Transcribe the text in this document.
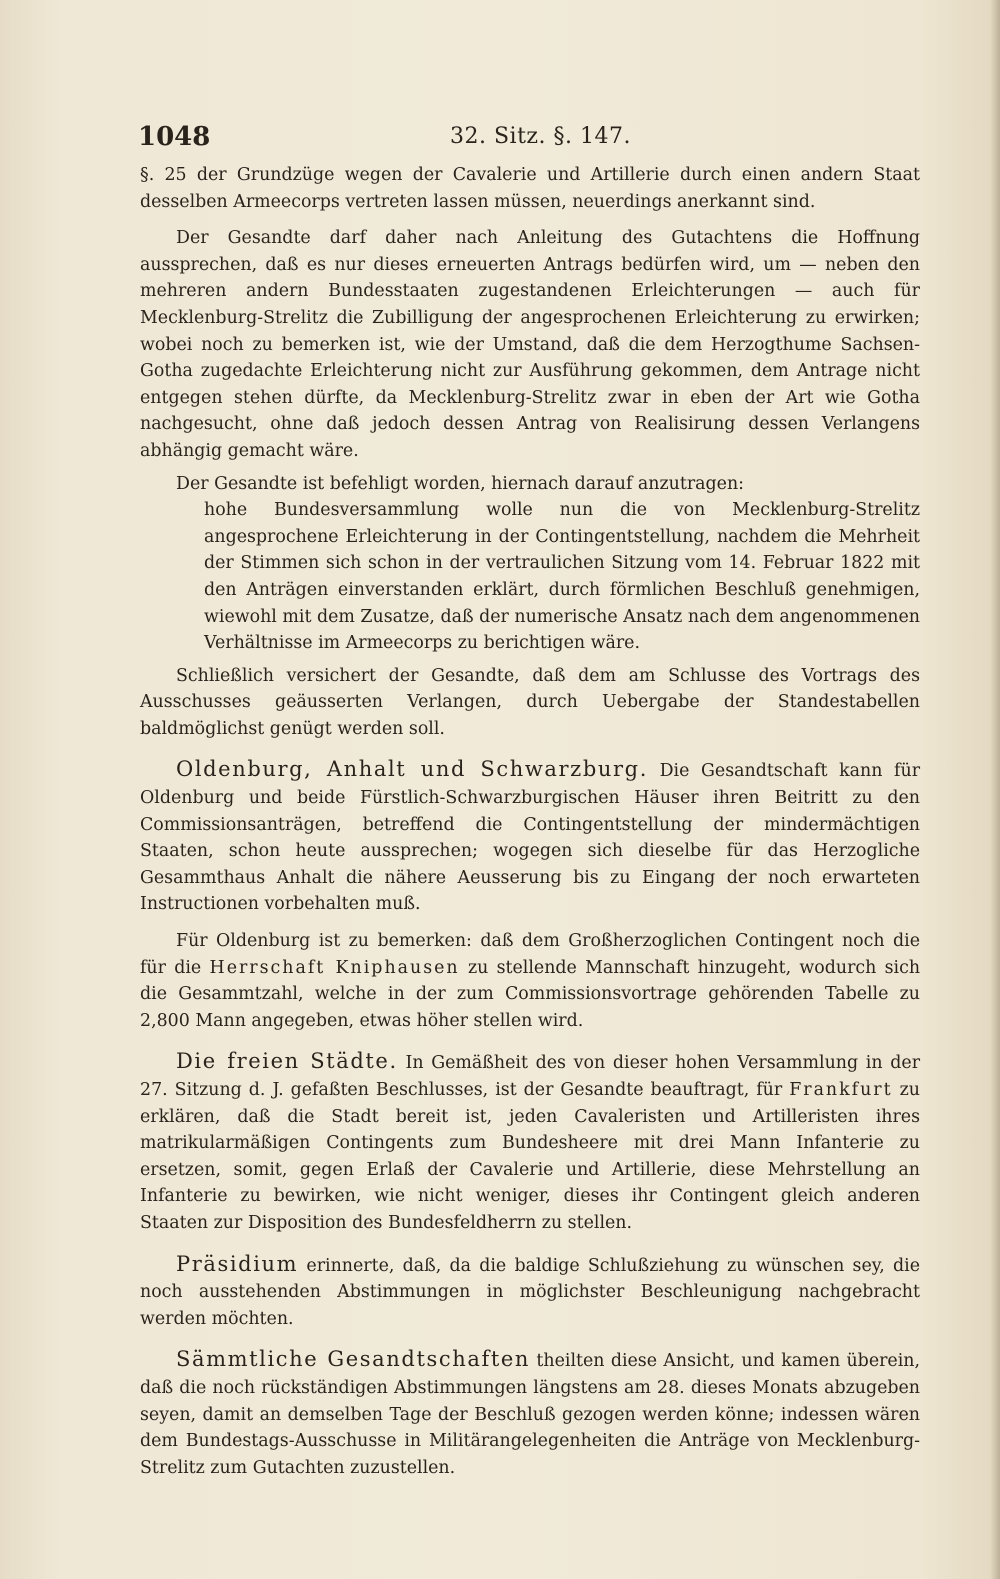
1048	32. Sitz. §. 147.

§. 25 der Grundzüge wegen der Cavalerie und Artillerie durch einen andern Staat desselben Armeecorps vertreten lassen müssen, neuerdings anerkannt sind.

Der Gesandte darf daher nach Anleitung des Gutachtens die Hoffnung aussprechen, daß es nur dieses erneuerten Antrags bedürfen wird, um — neben den mehreren andern Bundesstaaten zugestandenen Erleichterungen — auch für Mecklenburg-Strelitz die Zubilligung der angesprochenen Erleichterung zu erwirken; wobei noch zu bemerken ist, wie der Umstand, daß die dem Herzogthume Sachsen-Gotha zugedachte Erleichterung nicht zur Ausführung gekommen, dem Antrage nicht entgegen stehen dürfte, da Mecklenburg-Strelitz zwar in eben der Art wie Gotha nachgesucht, ohne daß jedoch dessen Antrag von Realisirung dessen Verlangens abhängig gemacht wäre.

Der Gesandte ist befehligt worden, hiernach darauf anzutragen:

hohe Bundesversammlung wolle nun die von Mecklenburg-Strelitz angesprochene Erleichterung in der Contingentstellung, nachdem die Mehrheit der Stimmen sich schon in der vertraulichen Sitzung vom 14. Februar 1822 mit den Anträgen einverstanden erklärt, durch förmlichen Beschluß genehmigen, wiewohl mit dem Zusatze, daß der numerische Ansatz nach dem angenommenen Verhältnisse im Armeecorps zu berichtigen wäre.

Schließlich versichert der Gesandte, daß dem am Schlusse des Vortrags des Ausschusses geäusserten Verlangen, durch Uebergabe der Standestabellen baldmöglichst genügt werden soll.

Oldenburg, Anhalt und Schwarzburg. Die Gesandtschaft kann für Oldenburg und beide Fürstlich-Schwarzburgischen Häuser ihren Beitritt zu den Commissionsanträgen, betreffend die Contingentstellung der mindermächtigen Staaten, schon heute aussprechen; wogegen sich dieselbe für das Herzogliche Gesammthaus Anhalt die nähere Aeusserung bis zu Eingang der noch erwarteten Instructionen vorbehalten muß.

Für Oldenburg ist zu bemerken: daß dem Großherzoglichen Contingent noch die für die Herrschaft Kniphausen zu stellende Mannschaft hinzugeht, wodurch sich die Gesammtzahl, welche in der zum Commissionsvortrage gehörenden Tabelle zu 2,800 Mann angegeben, etwas höher stellen wird.

Die freien Städte. In Gemäßheit des von dieser hohen Versammlung in der 27. Sitzung d. J. gefaßten Beschlusses, ist der Gesandte beauftragt, für Frankfurt zu erklären, daß die Stadt bereit ist, jeden Cavaleristen und Artilleristen ihres matrikularmäßigen Contingents zum Bundesheere mit drei Mann Infanterie zu ersetzen, somit, gegen Erlaß der Cavalerie und Artillerie, diese Mehrstellung an Infanterie zu bewirken, wie nicht weniger, dieses ihr Contingent gleich anderen Staaten zur Disposition des Bundesfeldherrn zu stellen.

Präsidium erinnerte, daß, da die baldige Schlußziehung zu wünschen sey, die noch ausstehenden Abstimmungen in möglichster Beschleunigung nachgebracht werden möchten.

Sämmtliche Gesandtschaften theilten diese Ansicht, und kamen überein, daß die noch rückständigen Abstimmungen längstens am 28. dieses Monats abzugeben seyen, damit an demselben Tage der Beschluß gezogen werden könne; indessen wären dem Bundestags-Ausschusse in Militärangelegenheiten die Anträge von Mecklenburg-Strelitz zum Gutachten zuzustellen.
